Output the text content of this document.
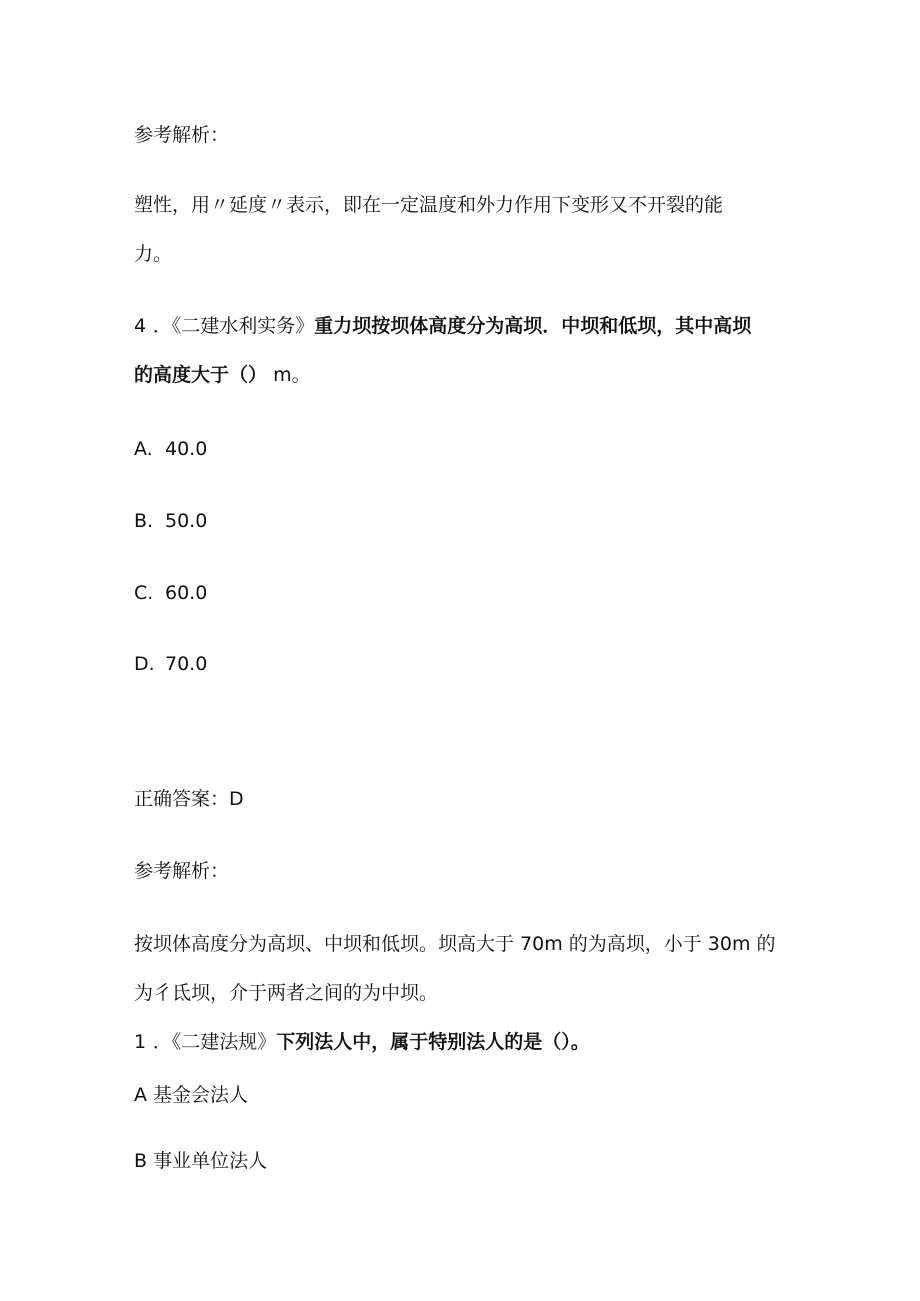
参考解析：
塑性，用〃延度〃表示，即在一定温度和外力作用下变形又不开裂的能
力。
4 ．《二建水利实务》重力坝按坝体高度分为高坝．中坝和低坝，其中高坝
的高度大于（） m。
A. 40.0
B. 50.0
C. 60.0
D. 70.0
正确答案：D
参考解析：
按坝体高度分为高坝、中坝和低坝。坝高大于 70m 的为高坝，小于 30m 的
为彳氐坝，介于两者之间的为中坝。
1 ．《二建法规》下列法人中，属于特别法人的是（）。
A 基金会法人
B 事业单位法人
